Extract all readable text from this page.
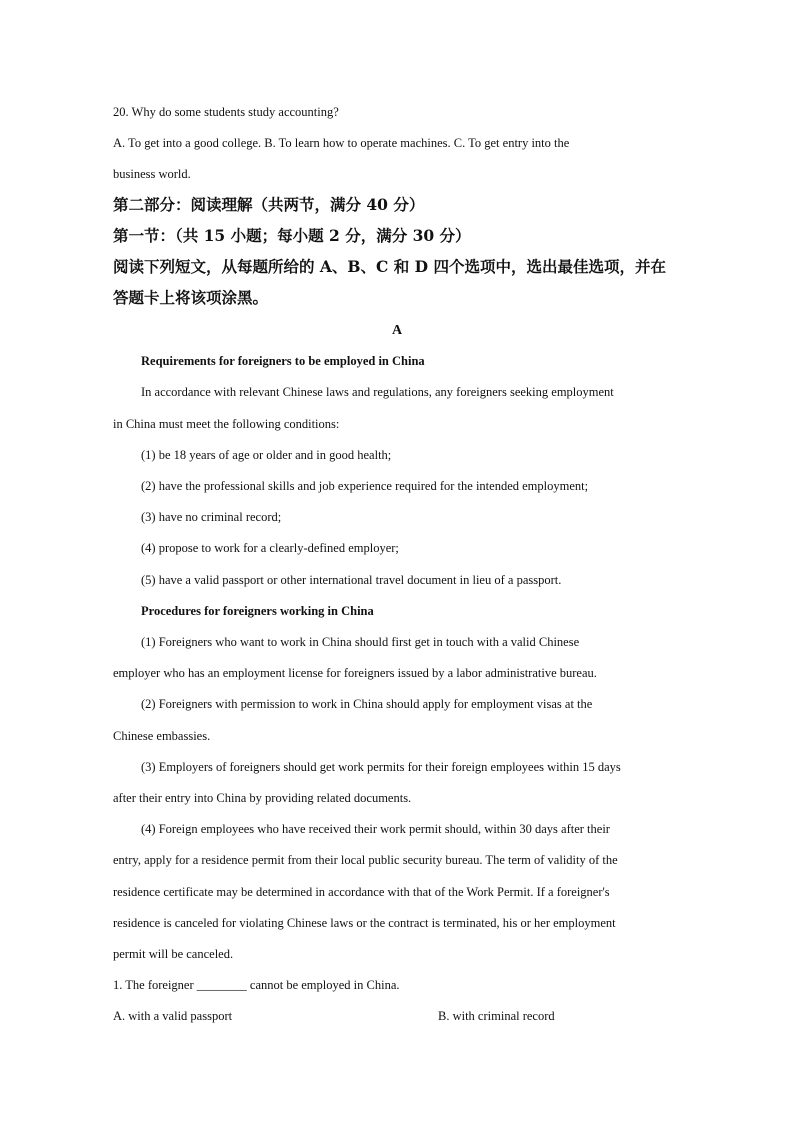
20. Why do some students study accounting?
A. To get into a good college. B. To learn how to operate machines. C. To get entry into the
business world.
第二部分：阅读理解（共两节，满分 40 分）
第一节：（共 15 小题；每小题 2 分，满分 30 分）
阅读下列短文，从每题所给的 A、B、C 和 D 四个选项中，选出最佳选项，并在
答题卡上将该项涂黑。
A
Requirements for foreigners to be employed in China
In accordance with relevant Chinese laws and regulations, any foreigners seeking employment
in China must meet the following conditions:
(1) be 18 years of age or older and in good health;
(2) have the professional skills and job experience required for the intended employment;
(3) have no criminal record;
(4) propose to work for a clearly-defined employer;
(5) have a valid passport or other international travel document in lieu of a passport.
Procedures for foreigners working in China
(1) Foreigners who want to work in China should first get in touch with a valid Chinese
employer who has an employment license for foreigners issued by a labor administrative bureau.
(2) Foreigners with permission to work in China should apply for employment visas at the
Chinese embassies.
(3) Employers of foreigners should get work permits for their foreign employees within 15 days
after their entry into China by providing related documents.
(4) Foreign employees who have received their work permit should, within 30 days after their
entry, apply for a residence permit from their local public security bureau. The term of validity of the
residence certificate may be determined in accordance with that of the Work Permit. If a foreigner's
residence is canceled for violating Chinese laws or the contract is terminated, his or her employment
permit will be canceled.
1. The foreigner ________ cannot be employed in China.
A. with a valid passport	B. with criminal record
